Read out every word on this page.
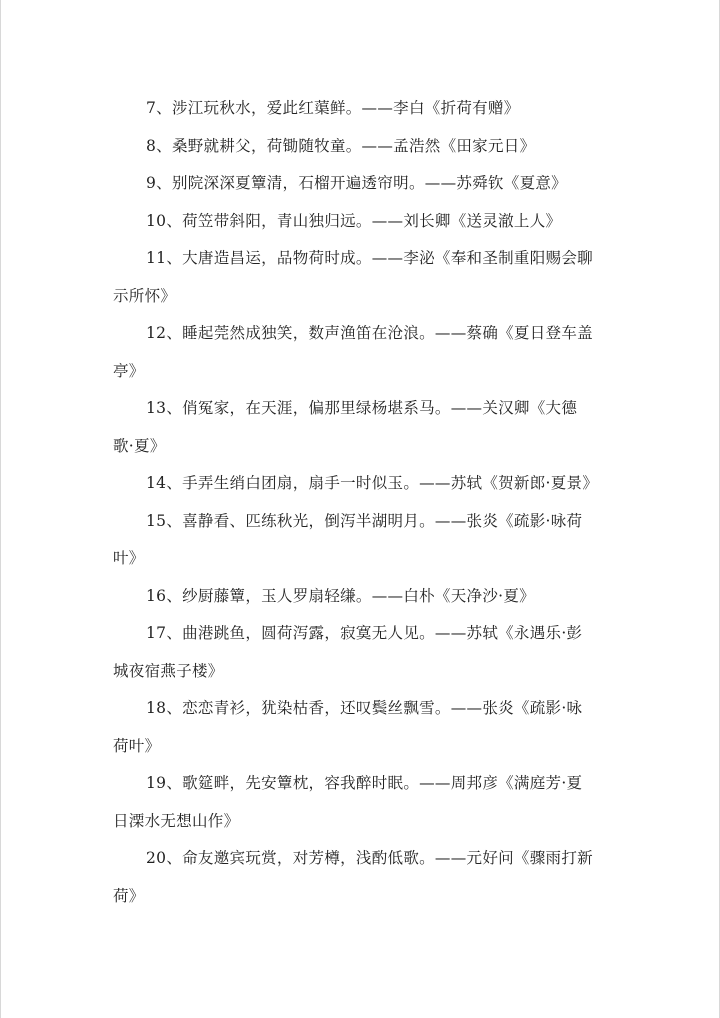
7、涉江玩秋水，爱此红蕖鲜。——李白《折荷有赠》
8、桑野就耕父，荷锄随牧童。——孟浩然《田家元日》
9、别院深深夏簟清，石榴开遍透帘明。——苏舜钦《夏意》
10、荷笠带斜阳，青山独归远。——刘长卿《送灵澈上人》
11、大唐造昌运，品物荷时成。——李泌《奉和圣制重阳赐会聊
示所怀》
12、睡起莞然成独笑，数声渔笛在沧浪。——蔡确《夏日登车盖
亭》
13、俏冤家，在天涯，偏那里绿杨堪系马。——关汉卿《大德
歌·夏》
14、手弄生绡白团扇，扇手一时似玉。——苏轼《贺新郎·夏景》
15、喜静看、匹练秋光，倒泻半湖明月。——张炎《疏影·咏荷
叶》
16、纱厨藤簟，玉人罗扇轻缣。——白朴《天净沙·夏》
17、曲港跳鱼，圆荷泻露，寂寞无人见。——苏轼《永遇乐·彭
城夜宿燕子楼》
18、恋恋青衫，犹染枯香，还叹鬓丝飘雪。——张炎《疏影·咏
荷叶》
19、歌筵畔，先安簟枕，容我醉时眠。——周邦彦《满庭芳·夏
日溧水无想山作》
20、命友邀宾玩赏，对芳樽，浅酌低歌。——元好问《骤雨打新
荷》
